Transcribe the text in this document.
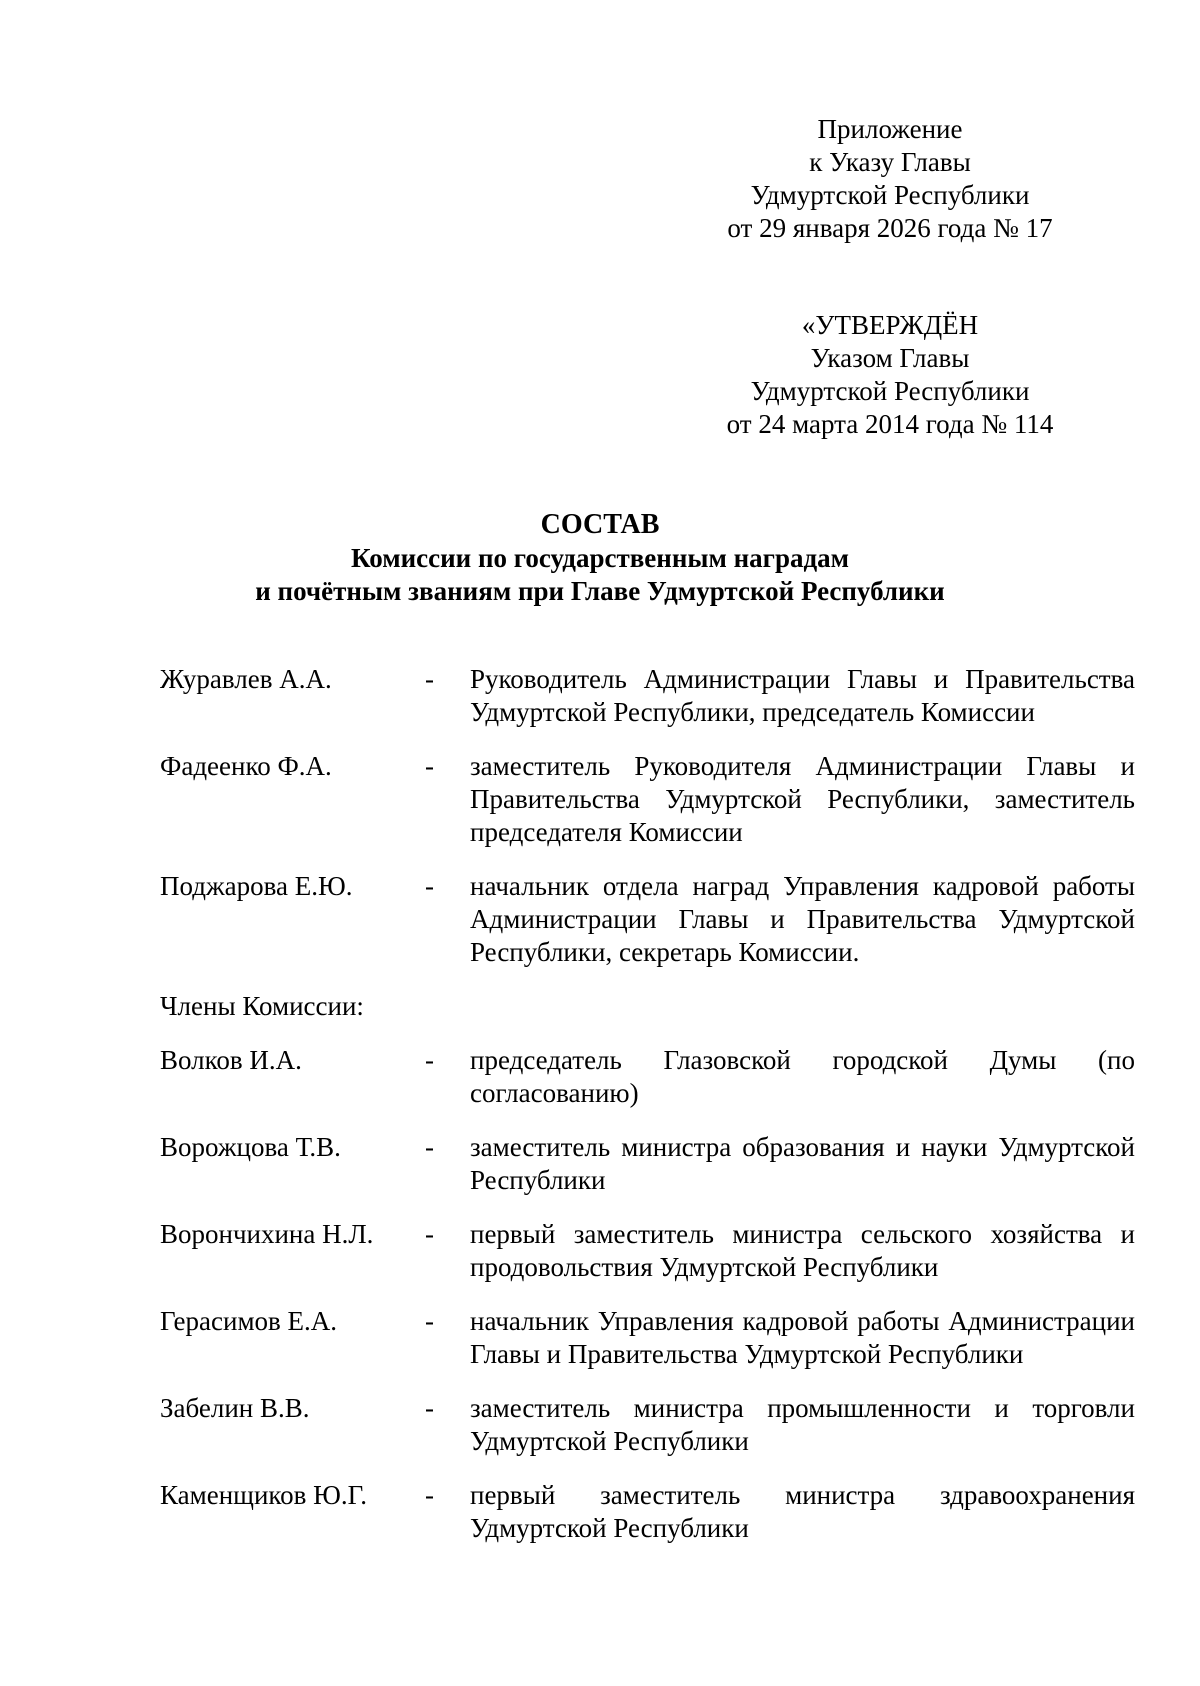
Приложение
к Указу Главы
Удмуртской Республики
от 29 января 2026 года № 17
«УТВЕРЖДЁН
Указом Главы
Удмуртской Республики
от 24 марта 2014 года № 114
СОСТАВ
Комиссии по государственным наградам
и почётным званиям при Главе Удмуртской Республики
Журавлев А.А.	-	Руководитель Администрации Главы и Правительства Удмуртской Республики, председатель Комиссии
Фадеенко Ф.А.	-	заместитель Руководителя Администрации Главы и Правительства Удмуртской Республики, заместитель председателя Комиссии
Поджарова Е.Ю.	-	начальник отдела наград Управления кадровой работы Администрации Главы и Правительства Удмуртской Республики, секретарь Комиссии.
Члены Комиссии:
Волков И.А.	-	председатель Глазовской городской Думы (по согласованию)
Ворожцова Т.В.	-	заместитель министра образования и науки Удмуртской Республики
Ворончихина Н.Л.	-	первый заместитель министра сельского хозяйства и продовольствия Удмуртской Республики
Герасимов Е.А.	-	начальник Управления кадровой работы Администрации Главы и Правительства Удмуртской Республики
Забелин В.В.	-	заместитель министра промышленности и торговли Удмуртской Республики
Каменщиков Ю.Г.	-	первый заместитель министра здравоохранения Удмуртской Республики
